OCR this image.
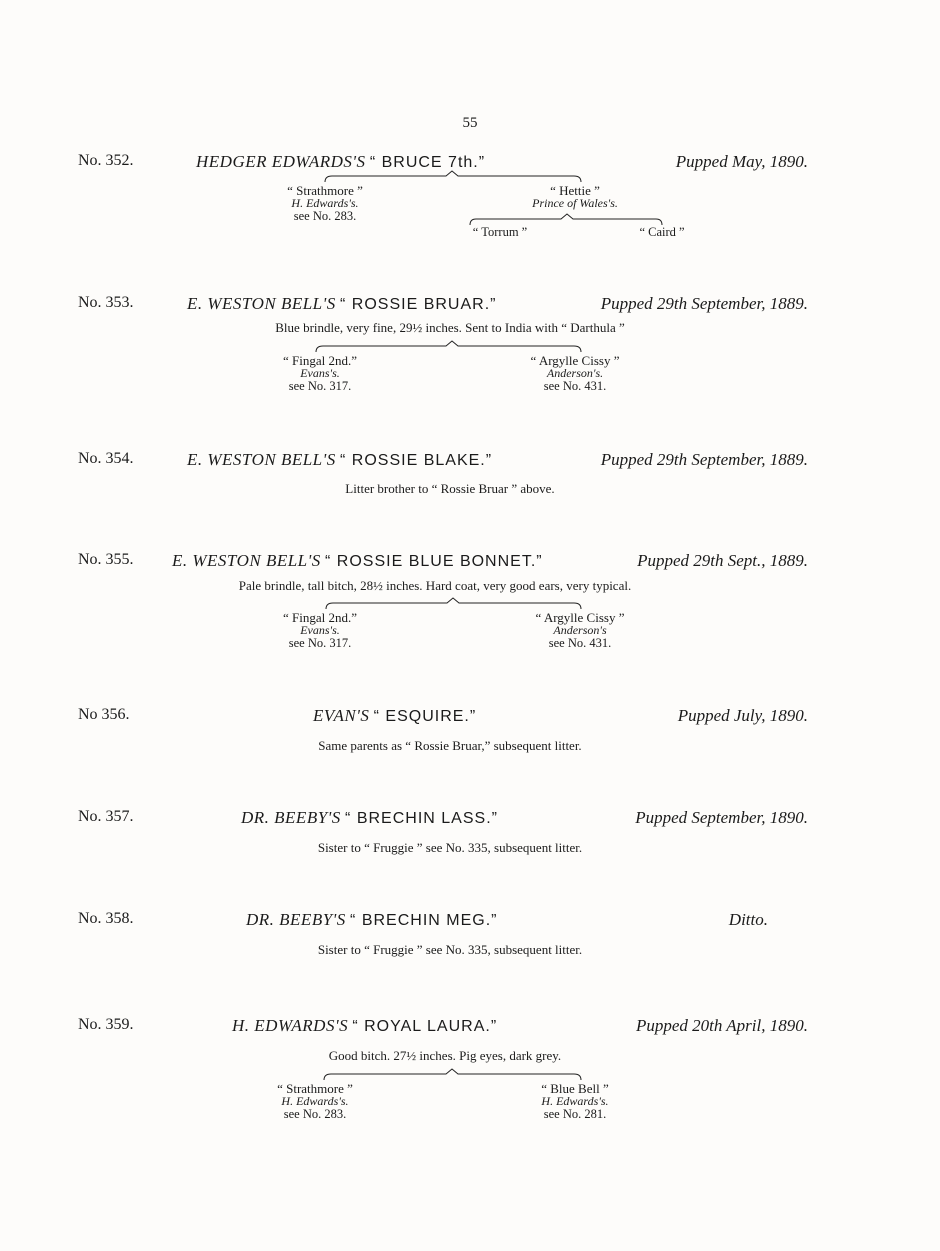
55
No. 352.	HEDGER EDWARDS'S “ BRUCE 7th.”	Pupped May, 1890.
“ Strathmore ”
H. Edwards's.
see No. 283.
“ Hettie ”
Prince of Wales's.
“ Torrum ”	“ Caird ”
No. 353.	E. WESTON BELL'S “ ROSSIE BRUAR.”	Pupped 29th September, 1889.
Blue brindle, very fine, 29½ inches. Sent to India with “ Darthula ”
“ Fingal 2nd.”
Evans's.
see No. 317.
“ Argylle Cissy ”
Anderson's.
see No. 431.
No. 354.	E. WESTON BELL'S “ ROSSIE BLAKE.”	Pupped 29th September, 1889.
Litter brother to “ Rossie Bruar ” above.
No. 355. E. WESTON BELL'S “ ROSSIE BLUE BONNET.”	Pupped 29th Sept., 1889.
Pale brindle, tall bitch, 28½ inches. Hard coat, very good ears, very typical.
“ Fingal 2nd.”
Evans's.
see No. 317.
“ Argylle Cissy ”
Anderson's
see No. 431.
No 356.	EVAN'S “ ESQUIRE.”	Pupped July, 1890.
Same parents as “ Rossie Bruar,” subsequent litter.
No. 357.	DR. BEEBY'S “ BRECHIN LASS.”	Pupped September, 1890.
Sister to “ Fruggie ” see No. 335, subsequent litter.
No. 358.	DR. BEEBY'S “ BRECHIN MEG.”	Ditto.
Sister to “ Fruggie ” see No. 335, subsequent litter.
No. 359.	H. EDWARDS'S “ ROYAL LAURA.”	Pupped 20th April, 1890.
Good bitch. 27½ inches. Pig eyes, dark grey.
“ Strathmore ”
H. Edwards's.
see No. 283.
“ Blue Bell ”
H. Edwards's.
see No. 281.
